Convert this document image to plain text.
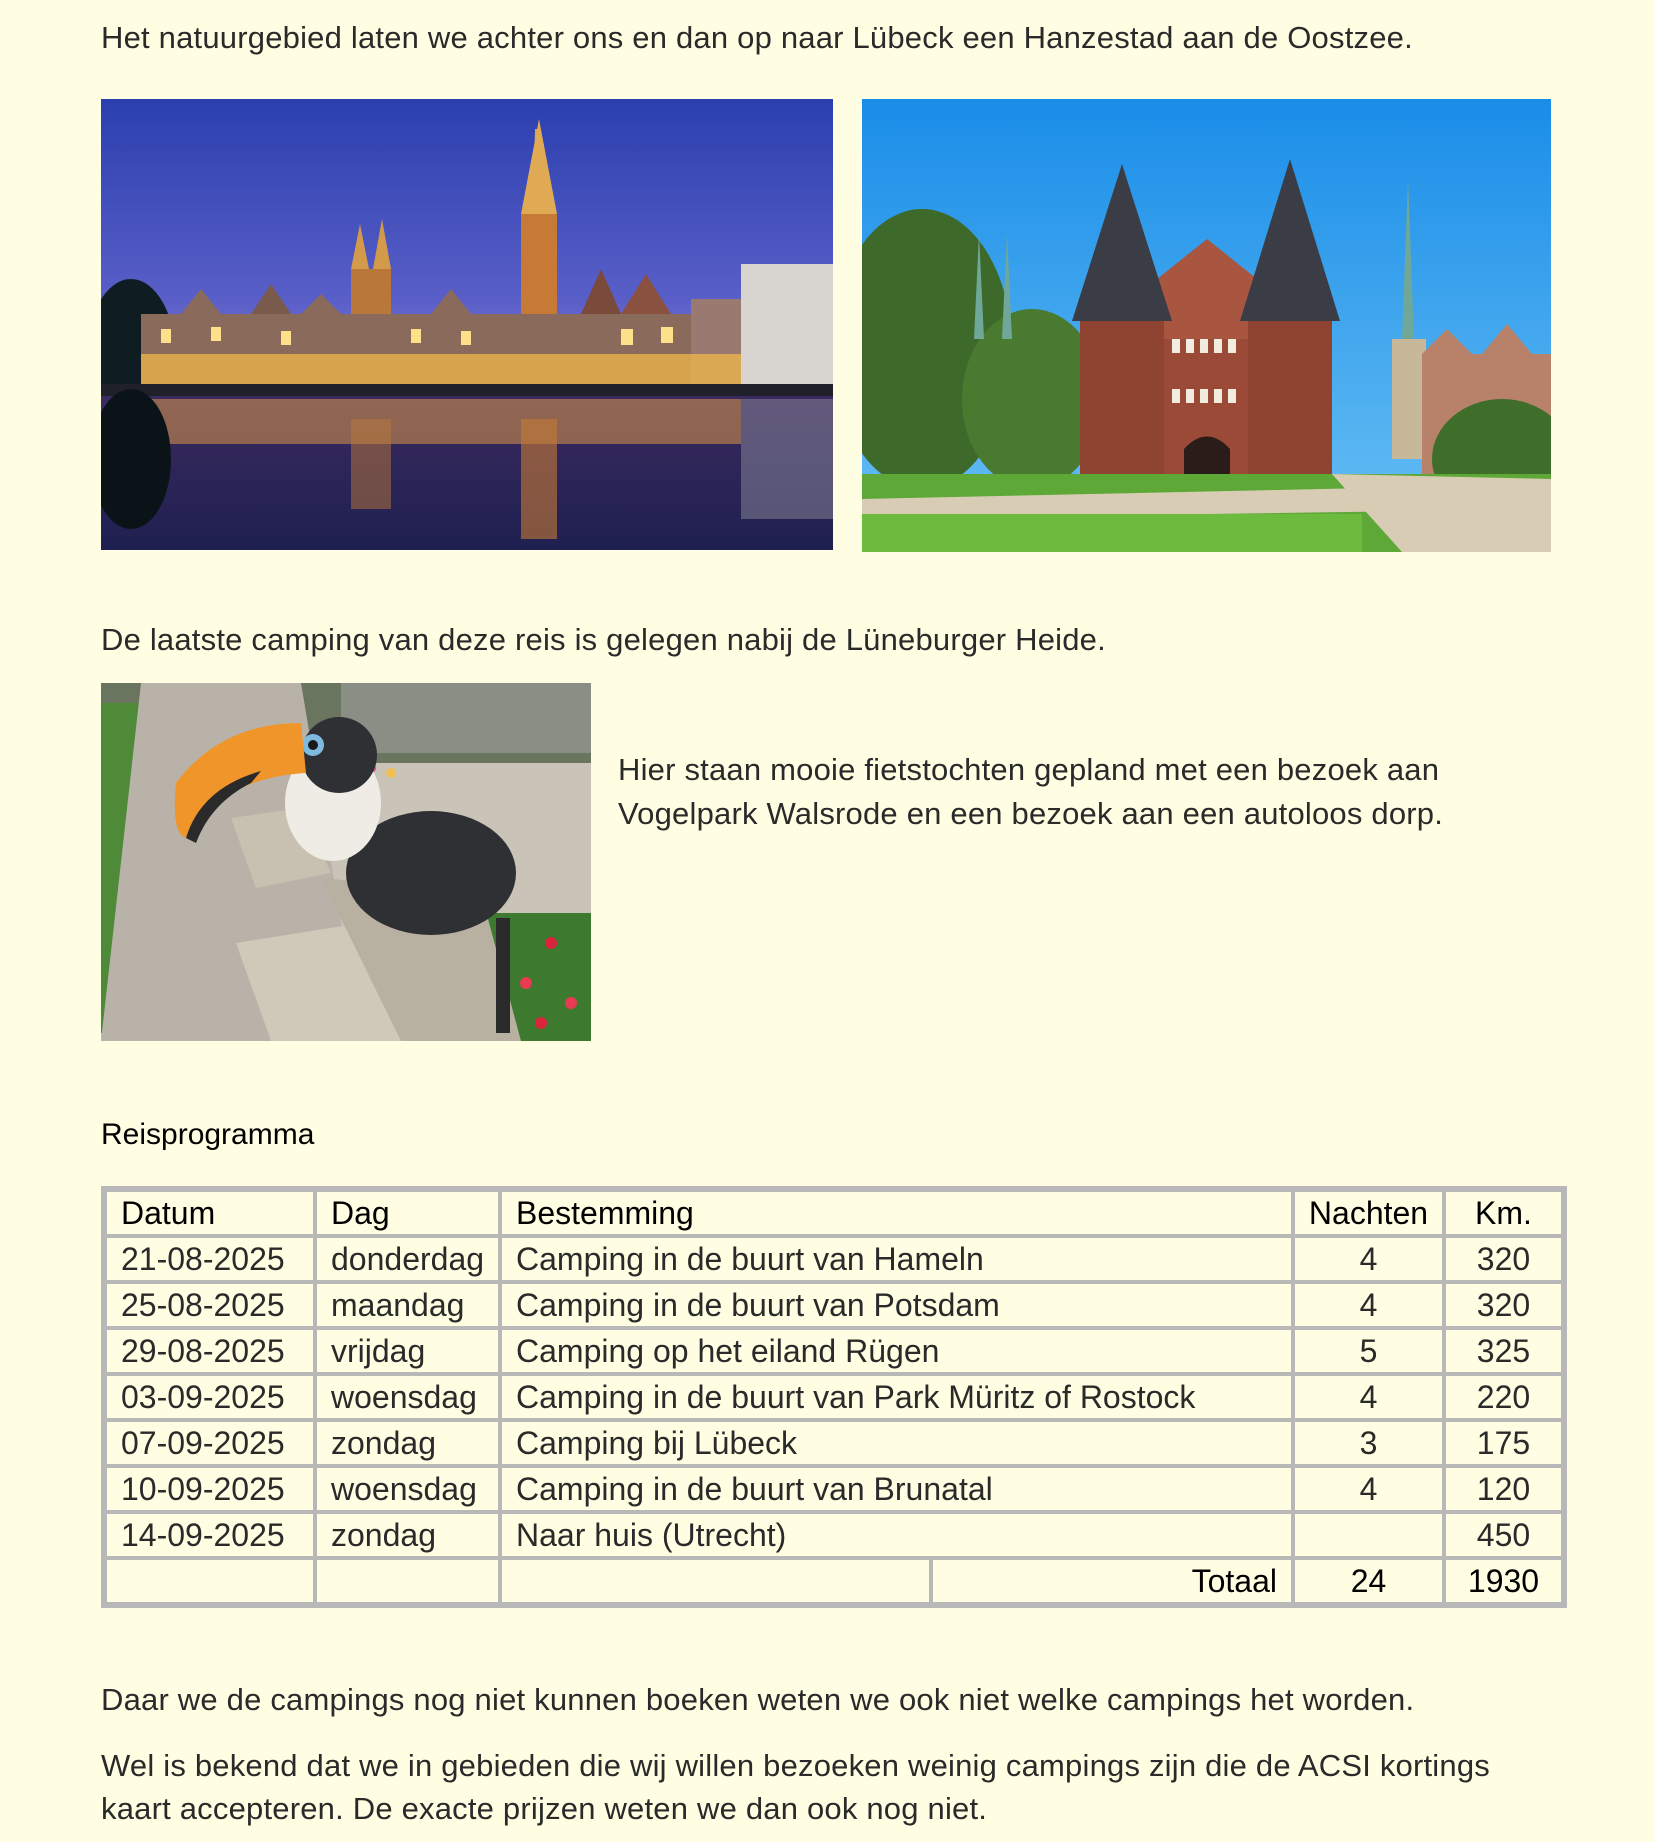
Het natuurgebied laten we achter ons en dan op naar Lübeck een Hanzestad aan de Oostzee.

De laatste camping van deze reis is gelegen nabij de Lüneburger Heide.

Hier staan mooie fietstochten gepland met een bezoek aan

Vogelpark Walsrode en een bezoek aan een autoloos dorp.

Reisprogramma
Datum	Dag	Bestemming		Nachten	Km.
21-08-2025	donderdag	Camping in de buurt van Hameln		4	320
25-08-2025	maandag	Camping in de buurt van Potsdam		4	320
29-08-2025	vrijdag	Camping op het eiland Rügen		5	325
03-09-2025	woensdag	Camping in de buurt van Park Müritz of Rostock		4	220
07-09-2025	zondag	Camping bij Lübeck		3	175
10-09-2025	woensdag	Camping in de buurt van Brunatal		4	120
14-09-2025	zondag	Naar huis (Utrecht)			450
			Totaal	24	1930

Daar we de campings nog niet kunnen boeken weten we ook niet welke campings het worden.

Wel is bekend dat we in gebieden die wij willen bezoeken weinig campings zijn die de ACSI kortings

kaart accepteren. De exacte prijzen weten we dan ook nog niet.
